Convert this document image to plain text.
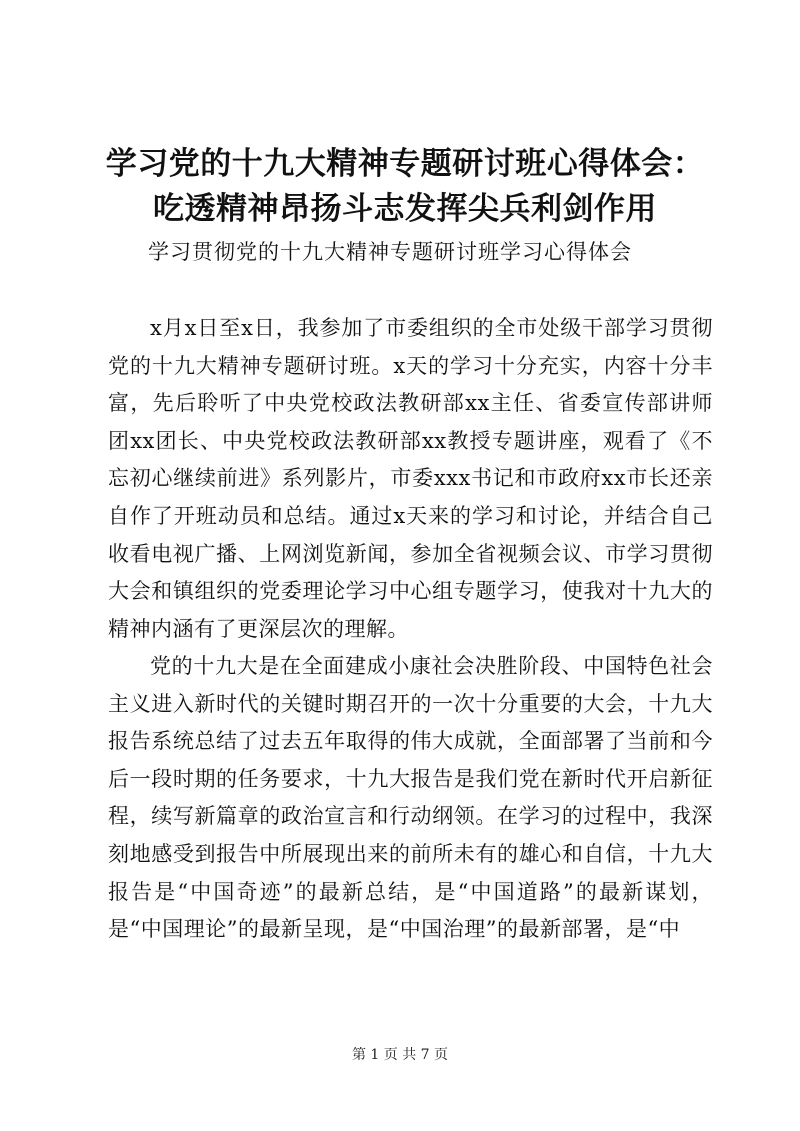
学习党的十九大精神专题研讨班心得体会：吃透精神昂扬斗志发挥尖兵利剑作用
学习贯彻党的十九大精神专题研讨班学习心得体会
x月x日至x日，我参加了市委组织的全市处级干部学习贯彻党的十九大精神专题研讨班。x天的学习十分充实，内容十分丰富，先后聆听了中央党校政法教研部xx主任、省委宣传部讲师团xx团长、中央党校政法教研部xx教授专题讲座，观看了《不忘初心继续前进》系列影片，市委xxx书记和市政府xx市长还亲自作了开班动员和总结。通过x天来的学习和讨论，并结合自己收看电视广播、上网浏览新闻，参加全省视频会议、市学习贯彻大会和镇组织的党委理论学习中心组专题学习，使我对十九大的精神内涵有了更深层次的理解。
党的十九大是在全面建成小康社会决胜阶段、中国特色社会主义进入新时代的关键时期召开的一次十分重要的大会，十九大报告系统总结了过去五年取得的伟大成就，全面部署了当前和今后一段时期的任务要求，十九大报告是我们党在新时代开启新征程，续写新篇章的政治宣言和行动纲领。在学习的过程中，我深刻地感受到报告中所展现出来的前所未有的雄心和自信，十九大报告是“中国奇迹”的最新总结，是“中国道路”的最新谋划，是“中国理论”的最新呈现，是“中国治理”的最新部署，是“中
第 1 页 共 7 页
